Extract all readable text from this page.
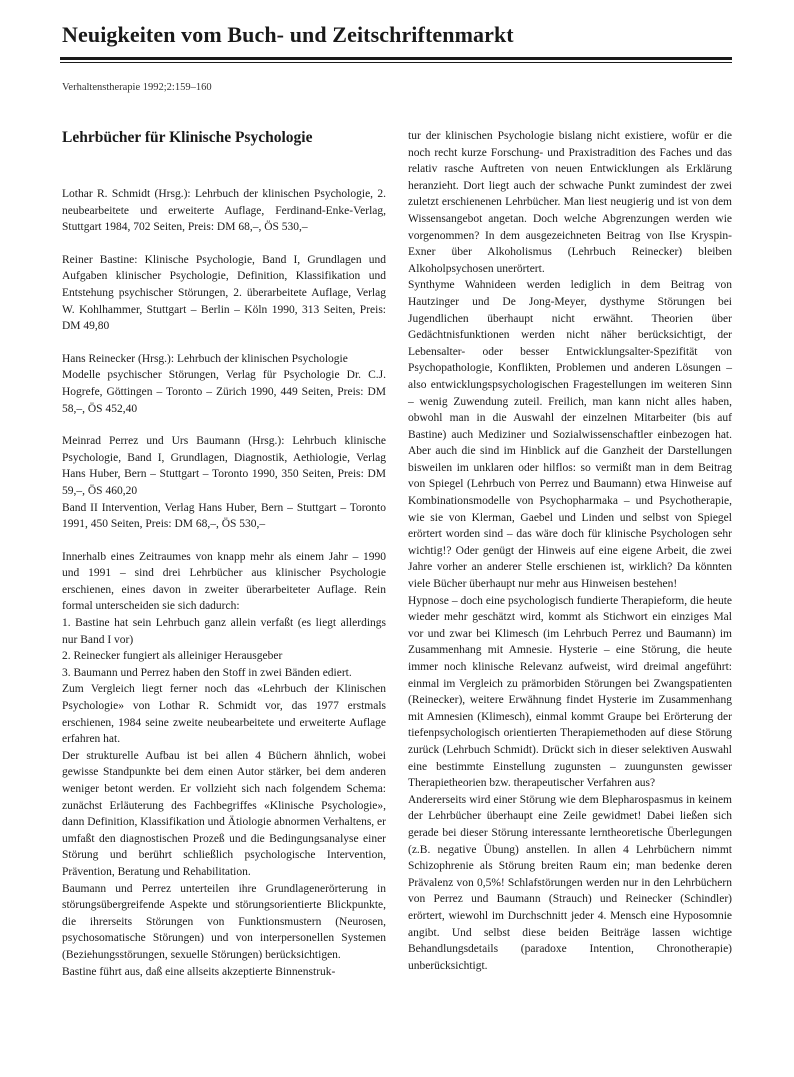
Neuigkeiten vom Buch- und Zeitschriftenmarkt
Verhaltenstherapie 1992;2:159–160
Lehrbücher für Klinische Psychologie

Lothar R. Schmidt (Hrsg.): Lehrbuch der klinischen Psychologie, 2. neubearbeitete und erweiterte Auflage, Ferdinand-Enke-Verlag, Stuttgart 1984, 702 Seiten, Preis: DM 68,–, ÖS 530,–

Reiner Bastine: Klinische Psychologie, Band I, Grundlagen und Aufgaben klinischer Psychologie, Definition, Klassifikation und Entstehung psychischer Störungen, 2. überarbeitete Auflage, Verlag W. Kohlhammer, Stuttgart – Berlin – Köln 1990, 313 Seiten, Preis: DM 49,80

Hans Reinecker (Hrsg.): Lehrbuch der klinischen Psychologie

Modelle psychischer Störungen, Verlag für Psychologie Dr. C.J. Hogrefe, Göttingen – Toronto – Zürich 1990, 449 Seiten, Preis: DM 58,–, ÖS 452,40

Meinrad Perrez und Urs Baumann (Hrsg.): Lehrbuch klinische Psychologie, Band I, Grundlagen, Diagnostik, Aethiologie, Verlag Hans Huber, Bern – Stuttgart – Toronto 1990, 350 Seiten, Preis: DM 59,–, ÖS 460,20

Band II Intervention, Verlag Hans Huber, Bern – Stuttgart – Toronto 1991, 450 Seiten, Preis: DM 68,–, ÖS 530,–

Innerhalb eines Zeitraumes von knapp mehr als einem Jahr – 1990 und 1991 – sind drei Lehrbücher aus klinischer Psychologie erschienen, eines davon in zweiter überarbeiteter Auflage. Rein formal unterscheiden sie sich dadurch:

1. Bastine hat sein Lehrbuch ganz allein verfaßt (es liegt allerdings nur Band I vor)

2. Reinecker fungiert als alleiniger Herausgeber

3. Baumann und Perrez haben den Stoff in zwei Bänden ediert.

Zum Vergleich liegt ferner noch das «Lehrbuch der Klinischen Psychologie» von Lothar R. Schmidt vor, das 1977 erstmals erschienen, 1984 seine zweite neubearbeitete und erweiterte Auflage erfahren hat.

Der strukturelle Aufbau ist bei allen 4 Büchern ähnlich, wobei gewisse Standpunkte bei dem einen Autor stärker, bei dem anderen weniger betont werden. Er vollzieht sich nach folgendem Schema: zunächst Erläuterung des Fachbegriffes «Klinische Psychologie», dann Definition, Klassifikation und Ätiologie abnormen Verhaltens, er umfaßt den diagnostischen Prozeß und die Bedingungsanalyse einer Störung und berührt schließlich psychologische Intervention, Prävention, Beratung und Rehabilitation.

Baumann und Perrez unterteilen ihre Grundlagenerörterung in störungsübergreifende Aspekte und störungsorientierte Blickpunkte, die ihrerseits Störungen von Funktionsmustern (Neurosen, psychosomatische Störungen) und von interpersonellen Systemen (Beziehungsstörungen, sexuelle Störungen) berücksichtigen.

Bastine führt aus, daß eine allseits akzeptierte Binnenstruk-

tur der klinischen Psychologie bislang nicht existiere, wofür er die noch recht kurze Forschung- und Praxistradition des Faches und das relativ rasche Auftreten von neuen Entwicklungen als Erklärung heranzieht. Dort liegt auch der schwache Punkt zumindest der zwei zuletzt erschienenen Lehrbücher. Man liest neugierig und ist von dem Wissensangebot angetan. Doch welche Abgrenzungen werden wie vorgenommen? In dem ausgezeichneten Beitrag von Ilse Kryspin-Exner über Alkoholismus (Lehrbuch Reinecker) bleiben Alkoholpsychosen unerörtert.

Synthyme Wahnideen werden lediglich in dem Beitrag von Hautzinger und De Jong-Meyer, dysthyme Störungen bei Jugendlichen überhaupt nicht erwähnt. Theorien über Gedächtnisfunktionen werden nicht näher berücksichtigt, der Lebensalter- oder besser Entwicklungsalter-Spezifität von Psychopathologie, Konflikten, Problemen und anderen Lösungen – also entwicklungspsychologischen Fragestellungen im weiteren Sinn – wenig Zuwendung zuteil. Freilich, man kann nicht alles haben, obwohl man in die Auswahl der einzelnen Mitarbeiter (bis auf Bastine) auch Mediziner und Sozialwissenschaftler einbezogen hat. Aber auch die sind im Hinblick auf die Ganzheit der Darstellungen bisweilen im unklaren oder hilflos: so vermißt man in dem Beitrag von Spiegel (Lehrbuch von Perrez und Baumann) etwa Hinweise auf Kombinationsmodelle von Psychopharmaka – und Psychotherapie, wie sie von Klerman, Gaebel und Linden und selbst von Spiegel erörtert worden sind – das wäre doch für klinische Psychologen sehr wichtig!? Oder genügt der Hinweis auf eine eigene Arbeit, die zwei Jahre vorher an anderer Stelle erschienen ist, wirklich? Da könnten viele Bücher überhaupt nur mehr aus Hinweisen bestehen!

Hypnose – doch eine psychologisch fundierte Therapieform, die heute wieder mehr geschätzt wird, kommt als Stichwort ein einziges Mal vor und zwar bei Klimesch (im Lehrbuch Perrez und Baumann) im Zusammenhang mit Amnesie. Hysterie – eine Störung, die heute immer noch klinische Relevanz aufweist, wird dreimal angeführt: einmal im Vergleich zu prämorbiden Störungen bei Zwangspatienten (Reinecker), weitere Erwähnung findet Hysterie im Zusammenhang mit Amnesien (Klimesch), einmal kommt Graupe bei Erörterung der tiefenpsychologisch orientierten Therapiemethoden auf diese Störung zurück (Lehrbuch Schmidt). Drückt sich in dieser selektiven Auswahl eine bestimmte Einstellung zugunsten – zuungunsten gewisser Therapietheorien bzw. therapeutischer Verfahren aus?

Andererseits wird einer Störung wie dem Blepharospasmus in keinem der Lehrbücher überhaupt eine Zeile gewidmet! Dabei ließen sich gerade bei dieser Störung interessante lerntheoretische Überlegungen (z.B. negative Übung) anstellen. In allen 4 Lehrbüchern nimmt Schizophrenie als Störung breiten Raum ein; man bedenke deren Prävalenz von 0,5%! Schlafstörungen werden nur in den Lehrbüchern von Perrez und Baumann (Strauch) und Reinecker (Schindler) erörtert, wiewohl im Durchschnitt jeder 4. Mensch eine Hyposomnie angibt. Und selbst diese beiden Beiträge lassen wichtige Behandlungsdetails (paradoxe Intention, Chronotherapie) unberücksichtigt.
